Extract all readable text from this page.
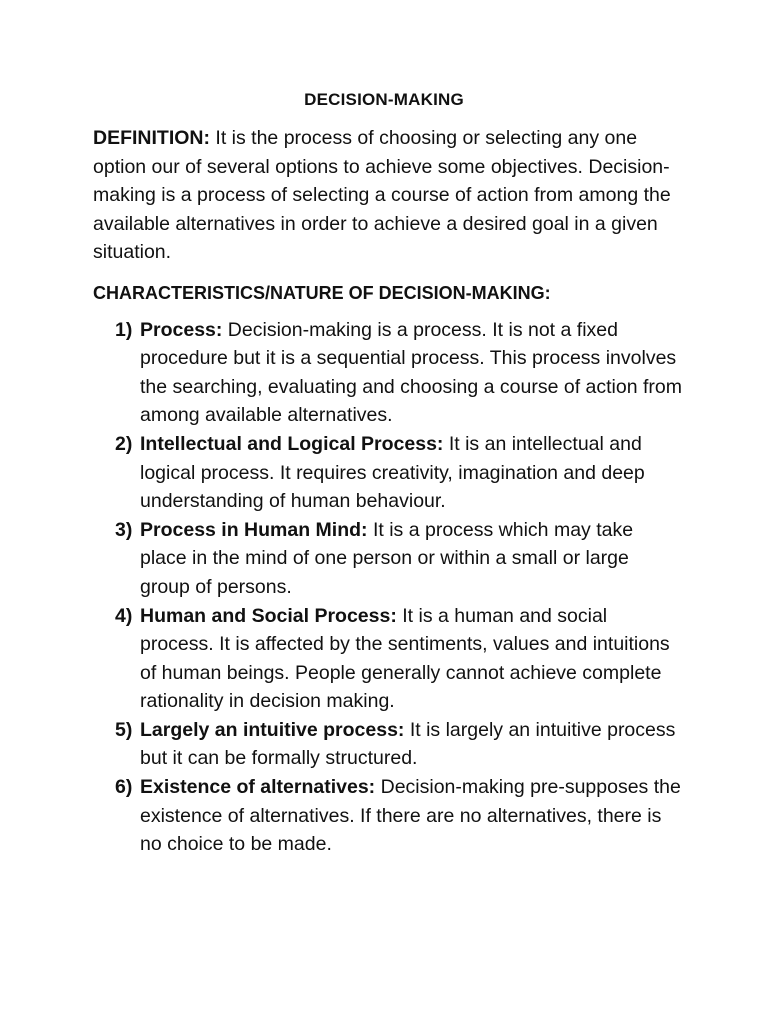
DECISION-MAKING

DEFINITION: It is the process of choosing or selecting any one option our of several options to achieve some objectives. Decision-making is a process of selecting a course of action from among the available alternatives in order to achieve a desired goal in a given situation.

CHARACTERISTICS/NATURE OF DECISION-MAKING:
1) Process: Decision-making is a process. It is not a fixed procedure but it is a sequential process. This process involves the searching, evaluating and choosing a course of action from among available alternatives.
2) Intellectual and Logical Process: It is an intellectual and logical process. It requires creativity, imagination and deep understanding of human behaviour.
3) Process in Human Mind: It is a process which may take place in the mind of one person or within a small or large group of persons.
4) Human and Social Process: It is a human and social process. It is affected by the sentiments, values and intuitions of human beings. People generally cannot achieve complete rationality in decision making.
5) Largely an intuitive process: It is largely an intuitive process but it can be formally structured.
6) Existence of alternatives: Decision-making pre-supposes the existence of alternatives. If there are no alternatives, there is no choice to be made.
